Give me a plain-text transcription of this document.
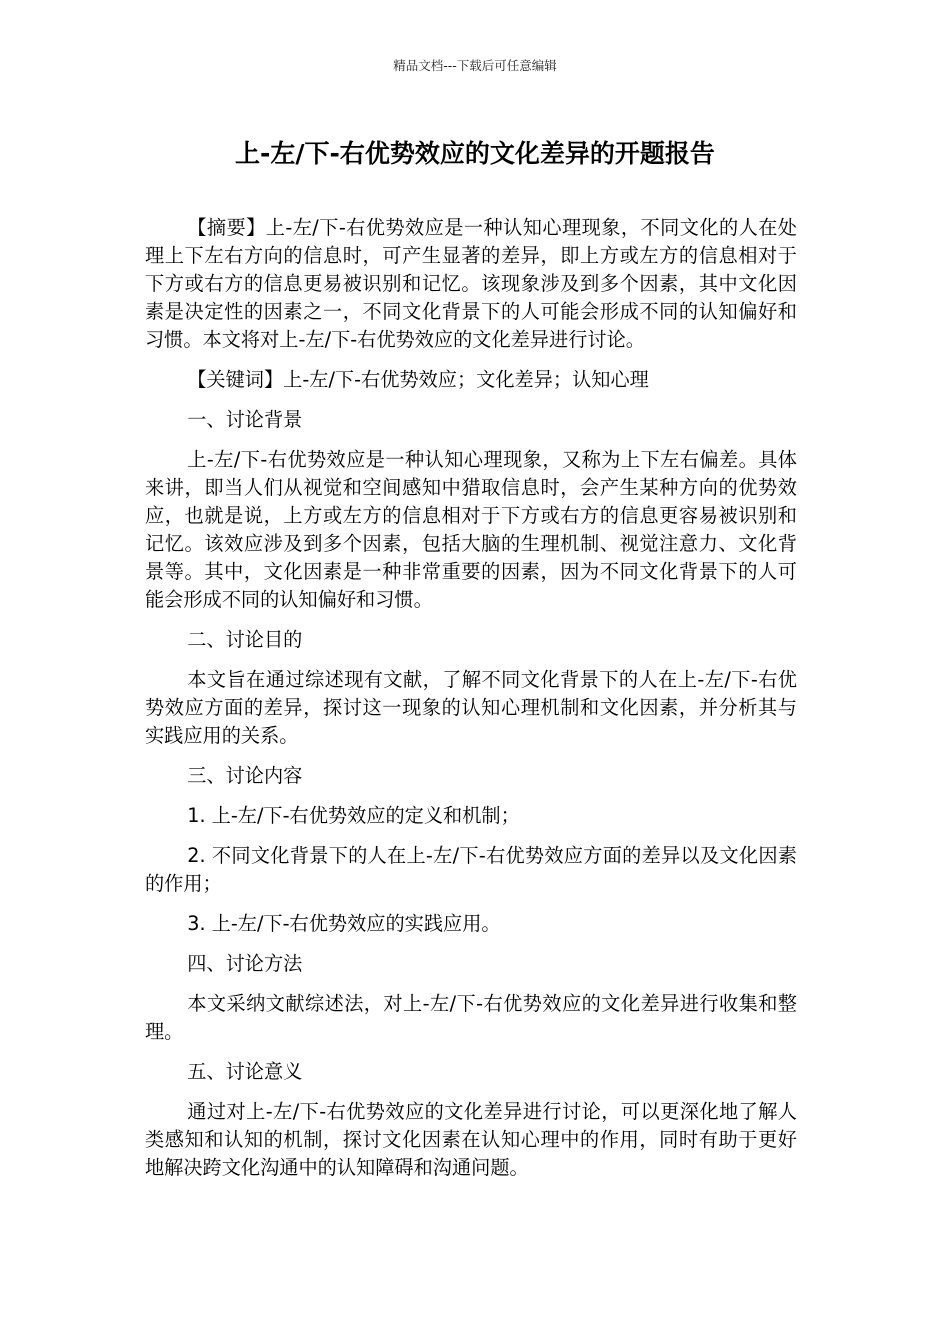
精品文档---下载后可任意编辑
上-左/下-右优势效应的文化差异的开题报告

【摘要】上-左/下-右优势效应是一种认知心理现象，不同文化的人在处理上下左右方向的信息时，可产生显著的差异，即上方或左方的信息相对于下方或右方的信息更易被识别和记忆。该现象涉及到多个因素，其中文化因素是决定性的因素之一，不同文化背景下的人可能会形成不同的认知偏好和习惯。本文将对上-左/下-右优势效应的文化差异进行讨论。

【关键词】上-左/下-右优势效应；文化差异；认知心理

一、讨论背景

上-左/下-右优势效应是一种认知心理现象，又称为上下左右偏差。具体来讲，即当人们从视觉和空间感知中猎取信息时，会产生某种方向的优势效应，也就是说，上方或左方的信息相对于下方或右方的信息更容易被识别和记忆。该效应涉及到多个因素，包括大脑的生理机制、视觉注意力、文化背景等。其中，文化因素是一种非常重要的因素，因为不同文化背景下的人可能会形成不同的认知偏好和习惯。

二、讨论目的

本文旨在通过综述现有文献，了解不同文化背景下的人在上-左/下-右优势效应方面的差异，探讨这一现象的认知心理机制和文化因素，并分析其与实践应用的关系。

三、讨论内容

1. 上-左/下-右优势效应的定义和机制；

2. 不同文化背景下的人在上-左/下-右优势效应方面的差异以及文化因素的作用；

3. 上-左/下-右优势效应的实践应用。

四、讨论方法

本文采纳文献综述法，对上-左/下-右优势效应的文化差异进行收集和整理。

五、讨论意义

通过对上-左/下-右优势效应的文化差异进行讨论，可以更深化地了解人类感知和认知的机制，探讨文化因素在认知心理中的作用，同时有助于更好地解决跨文化沟通中的认知障碍和沟通问题。
